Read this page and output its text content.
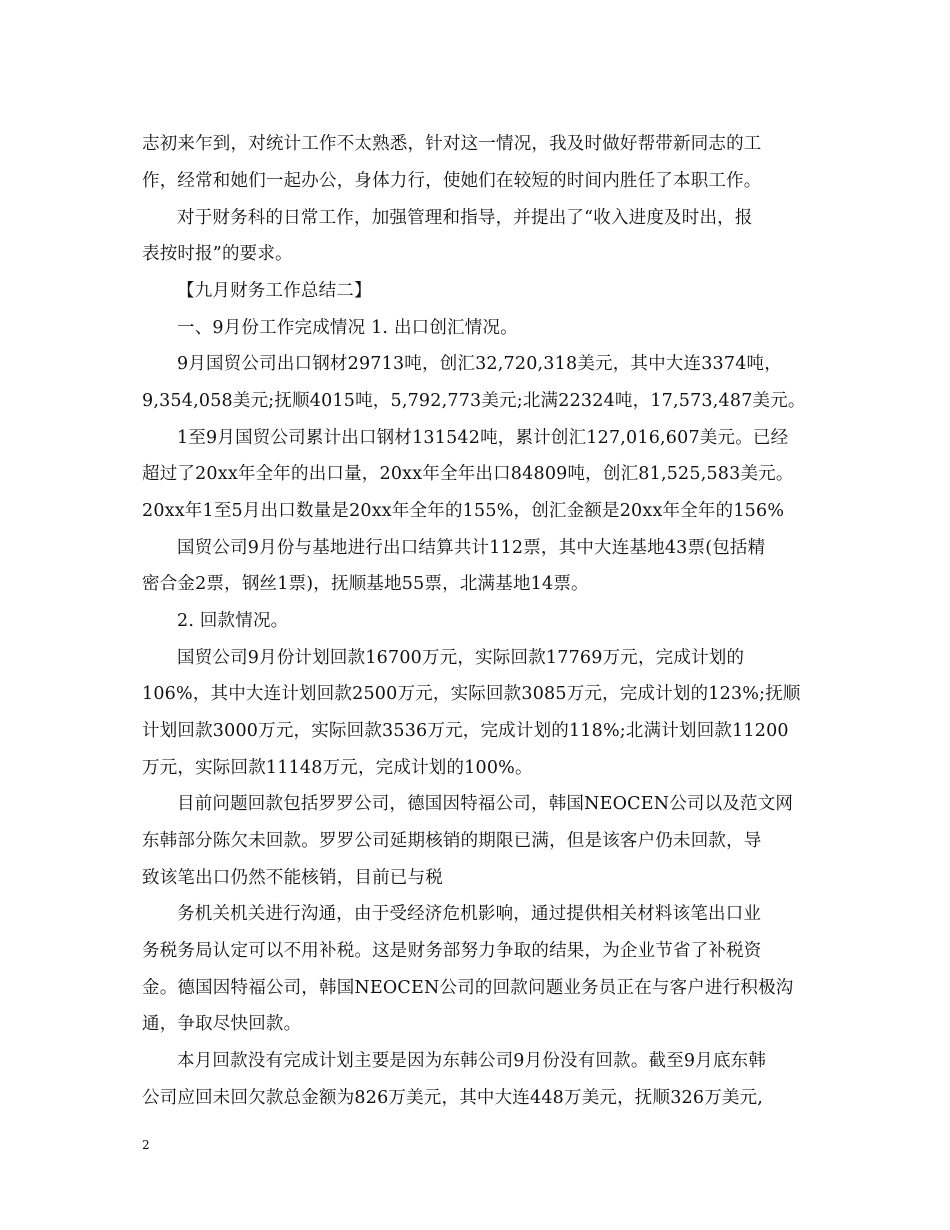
志初来乍到，对统计工作不太熟悉，针对这一情况，我及时做好帮带新同志的工
作，经常和她们一起办公，身体力行，使她们在较短的时间内胜任了本职工作。
对于财务科的日常工作，加强管理和指导，并提出了“收入进度及时出，报
表按时报”的要求。
【九月财务工作总结二】
一、9月份工作完成情况 1. 出口创汇情况。
9月国贸公司出口钢材29713吨，创汇32,720,318美元，其中大连3374吨，
9,354,058美元;抚顺4015吨，5,792,773美元;北满22324吨，17,573,487美元。
1至9月国贸公司累计出口钢材131542吨，累计创汇127,016,607美元。已经
超过了20xx年全年的出口量，20xx年全年出口84809吨，创汇81,525,583美元。
20xx年1至5月出口数量是20xx年全年的155%，创汇金额是20xx年全年的156%
国贸公司9月份与基地进行出口结算共计112票，其中大连基地43票(包括精
密合金2票，钢丝1票)，抚顺基地55票，北满基地14票。
2. 回款情况。
国贸公司9月份计划回款16700万元，实际回款17769万元，完成计划的
106%，其中大连计划回款2500万元，实际回款3085万元，完成计划的123%;抚顺
计划回款3000万元，实际回款3536万元，完成计划的118%;北满计划回款11200
万元，实际回款11148万元，完成计划的100%。
目前问题回款包括罗罗公司，德国因特福公司，韩国NEOCEN公司以及范文网
东韩部分陈欠未回款。罗罗公司延期核销的期限已满，但是该客户仍未回款，导
致该笔出口仍然不能核销，目前已与税
务机关机关进行沟通，由于受经济危机影响，通过提供相关材料该笔出口业
务税务局认定可以不用补税。这是财务部努力争取的结果，为企业节省了补税资
金。德国因特福公司，韩国NEOCEN公司的回款问题业务员正在与客户进行积极沟
通，争取尽快回款。
本月回款没有完成计划主要是因为东韩公司9月份没有回款。截至9月底东韩
公司应回未回欠款总金额为826万美元，其中大连448万美元，抚顺326万美元,
2
